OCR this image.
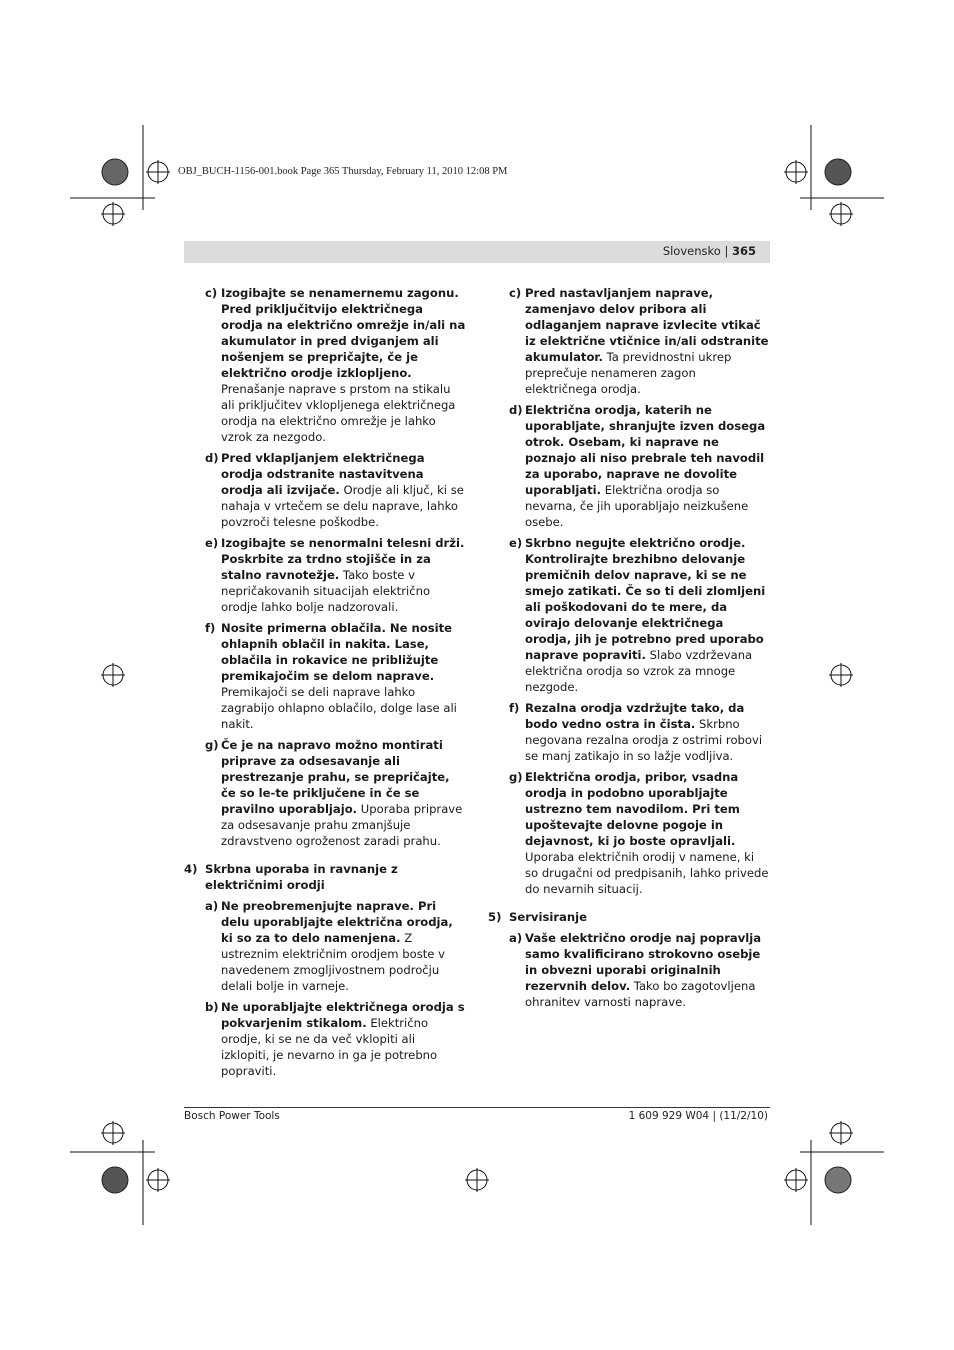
OBJ_BUCH-1156-001.book Page 365 Thursday, February 11, 2010 12:08 PM
Slovensko | 365
c) Izogibajte se nenamernemu zagonu. Pred priključitvijo električnega orodja na električno omrežje in/ali na akumulator in pred dviganjem ali nošenjem se prepričajte, če je električno orodje izklopljeno. Prenašanje naprave s prstom na stikalu ali priključitev vklopljenega električnega orodja na električno omrežje je lahko vzrok za nezgodo.
d) Pred vklapljanjem električnega orodja odstranite nastavitvena orodja ali izvijače. Orodje ali ključ, ki se nahaja v vrtečem se delu naprave, lahko povzroči telesne poškodbe.
e) Izogibajte se nenormalni telesni drži. Poskrbite za trdno stojišče in za stalno ravnotežje. Tako boste v nepričakovanih situacijah električno orodje lahko bolje nadzorovali.
f) Nosite primerna oblačila. Ne nosite ohlapnih oblačil in nakita. Lase, oblačila in rokavice ne približujte premikajočim se delom naprave. Premikajoči se deli naprave lahko zagrabijo ohlapno oblačilo, dolge lase ali nakit.
g) Če je na napravo možno montirati priprave za odsesavanje ali prestrezanje prahu, se prepričajte, če so le-te priključene in če se pravilno uporabljajo. Uporaba priprave za odsesavanje prahu zmanjšuje zdravstveno ogroženost zaradi prahu.
4) Skrbna uporaba in ravnanje z električnimi orodji
a) Ne preobremenjujte naprave. Pri delu uporabljajte električna orodja, ki so za to delo namenjena. Z ustreznim električnim orodjem boste v navedenem zmogljivostnem področju delali bolje in varneje.
b) Ne uporabljajte električnega orodja s pokvarjenim stikalom. Električno orodje, ki se ne da več vklopiti ali izklopiti, je nevarno in ga je potrebno popraviti.
c) Pred nastavljanjem naprave, zamenjavo delov pribora ali odlaganjem naprave izvlecite vtikač iz električne vtičnice in/ali odstranite akumulator. Ta previdnostni ukrep preprečuje nenameren zagon električnega orodja.
d) Električna orodja, katerih ne uporabljate, shranjujte izven dosega otrok. Osebam, ki naprave ne poznajo ali niso prebrale teh navodil za uporabo, naprave ne dovolite uporabljati. Električna orodja so nevarna, če jih uporabljajo neizkušene osebe.
e) Skrbno negujte električno orodje. Kontrolirajte brezhibno delovanje premičnih delov naprave, ki se ne smejo zatikati. Če so ti deli zlomljeni ali poškodovani do te mere, da ovirajo delovanje električnega orodja, jih je potrebno pred uporabo naprave popraviti. Slabo vzdrževana električna orodja so vzrok za mnoge nezgode.
f) Rezalna orodja vzdržujte tako, da bodo vedno ostra in čista. Skrbno negovana rezalna orodja z ostrimi robovi se manj zatikajo in so lažje vodljiva.
g) Električna orodja, pribor, vsadna orodja in podobno uporabljajte ustrezno tem navodilom. Pri tem upoštevajte delovne pogoje in dejavnost, ki jo boste opravljali. Uporaba električnih orodij v namene, ki so drugačni od predpisanih, lahko privede do nevarnih situacij.
5) Servisiranje
a) Vaše električno orodje naj popravlja samo kvalificirano strokovno osebje in obvezni uporabi originalnih rezervnih delov. Tako bo zagotovljena ohranitev varnosti naprave.
Bosch Power Tools	1 609 929 W04 | (11/2/10)
